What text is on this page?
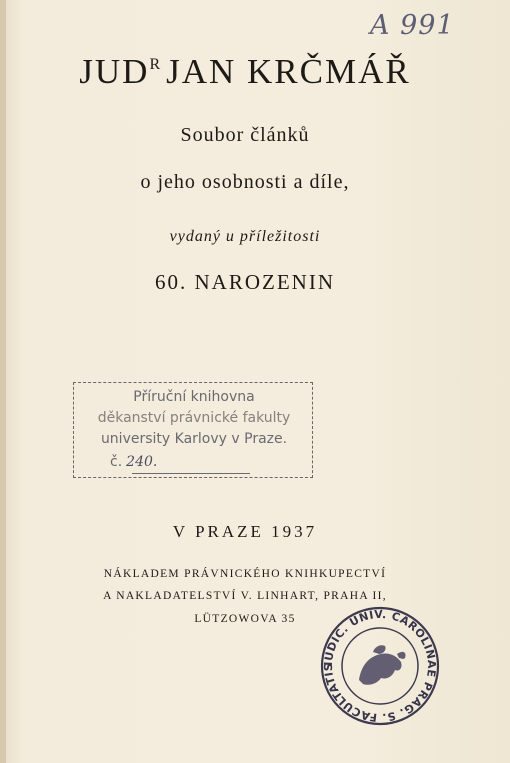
A 991
$JUD^R$ JAN KRČMÁŘ
Soubor článků
o jeho osobnosti a díle,
vydaný u příležitosti
60. NAROZENIN
Příruční knihovna
děkanství právnické fakulty
university Karlovy v Praze.
č. 240.
V PRAZE 1937
NÁKLADEM PRÁVNICKÉHO KNIHKUPECTVÍ
A NAKLADATELSTVÍ V. LINHART, PRAHA II,
LÜTZOWOVA 35
IUDIC. UNIV. CAROLINAE PRAG. S. FACULTATIS
